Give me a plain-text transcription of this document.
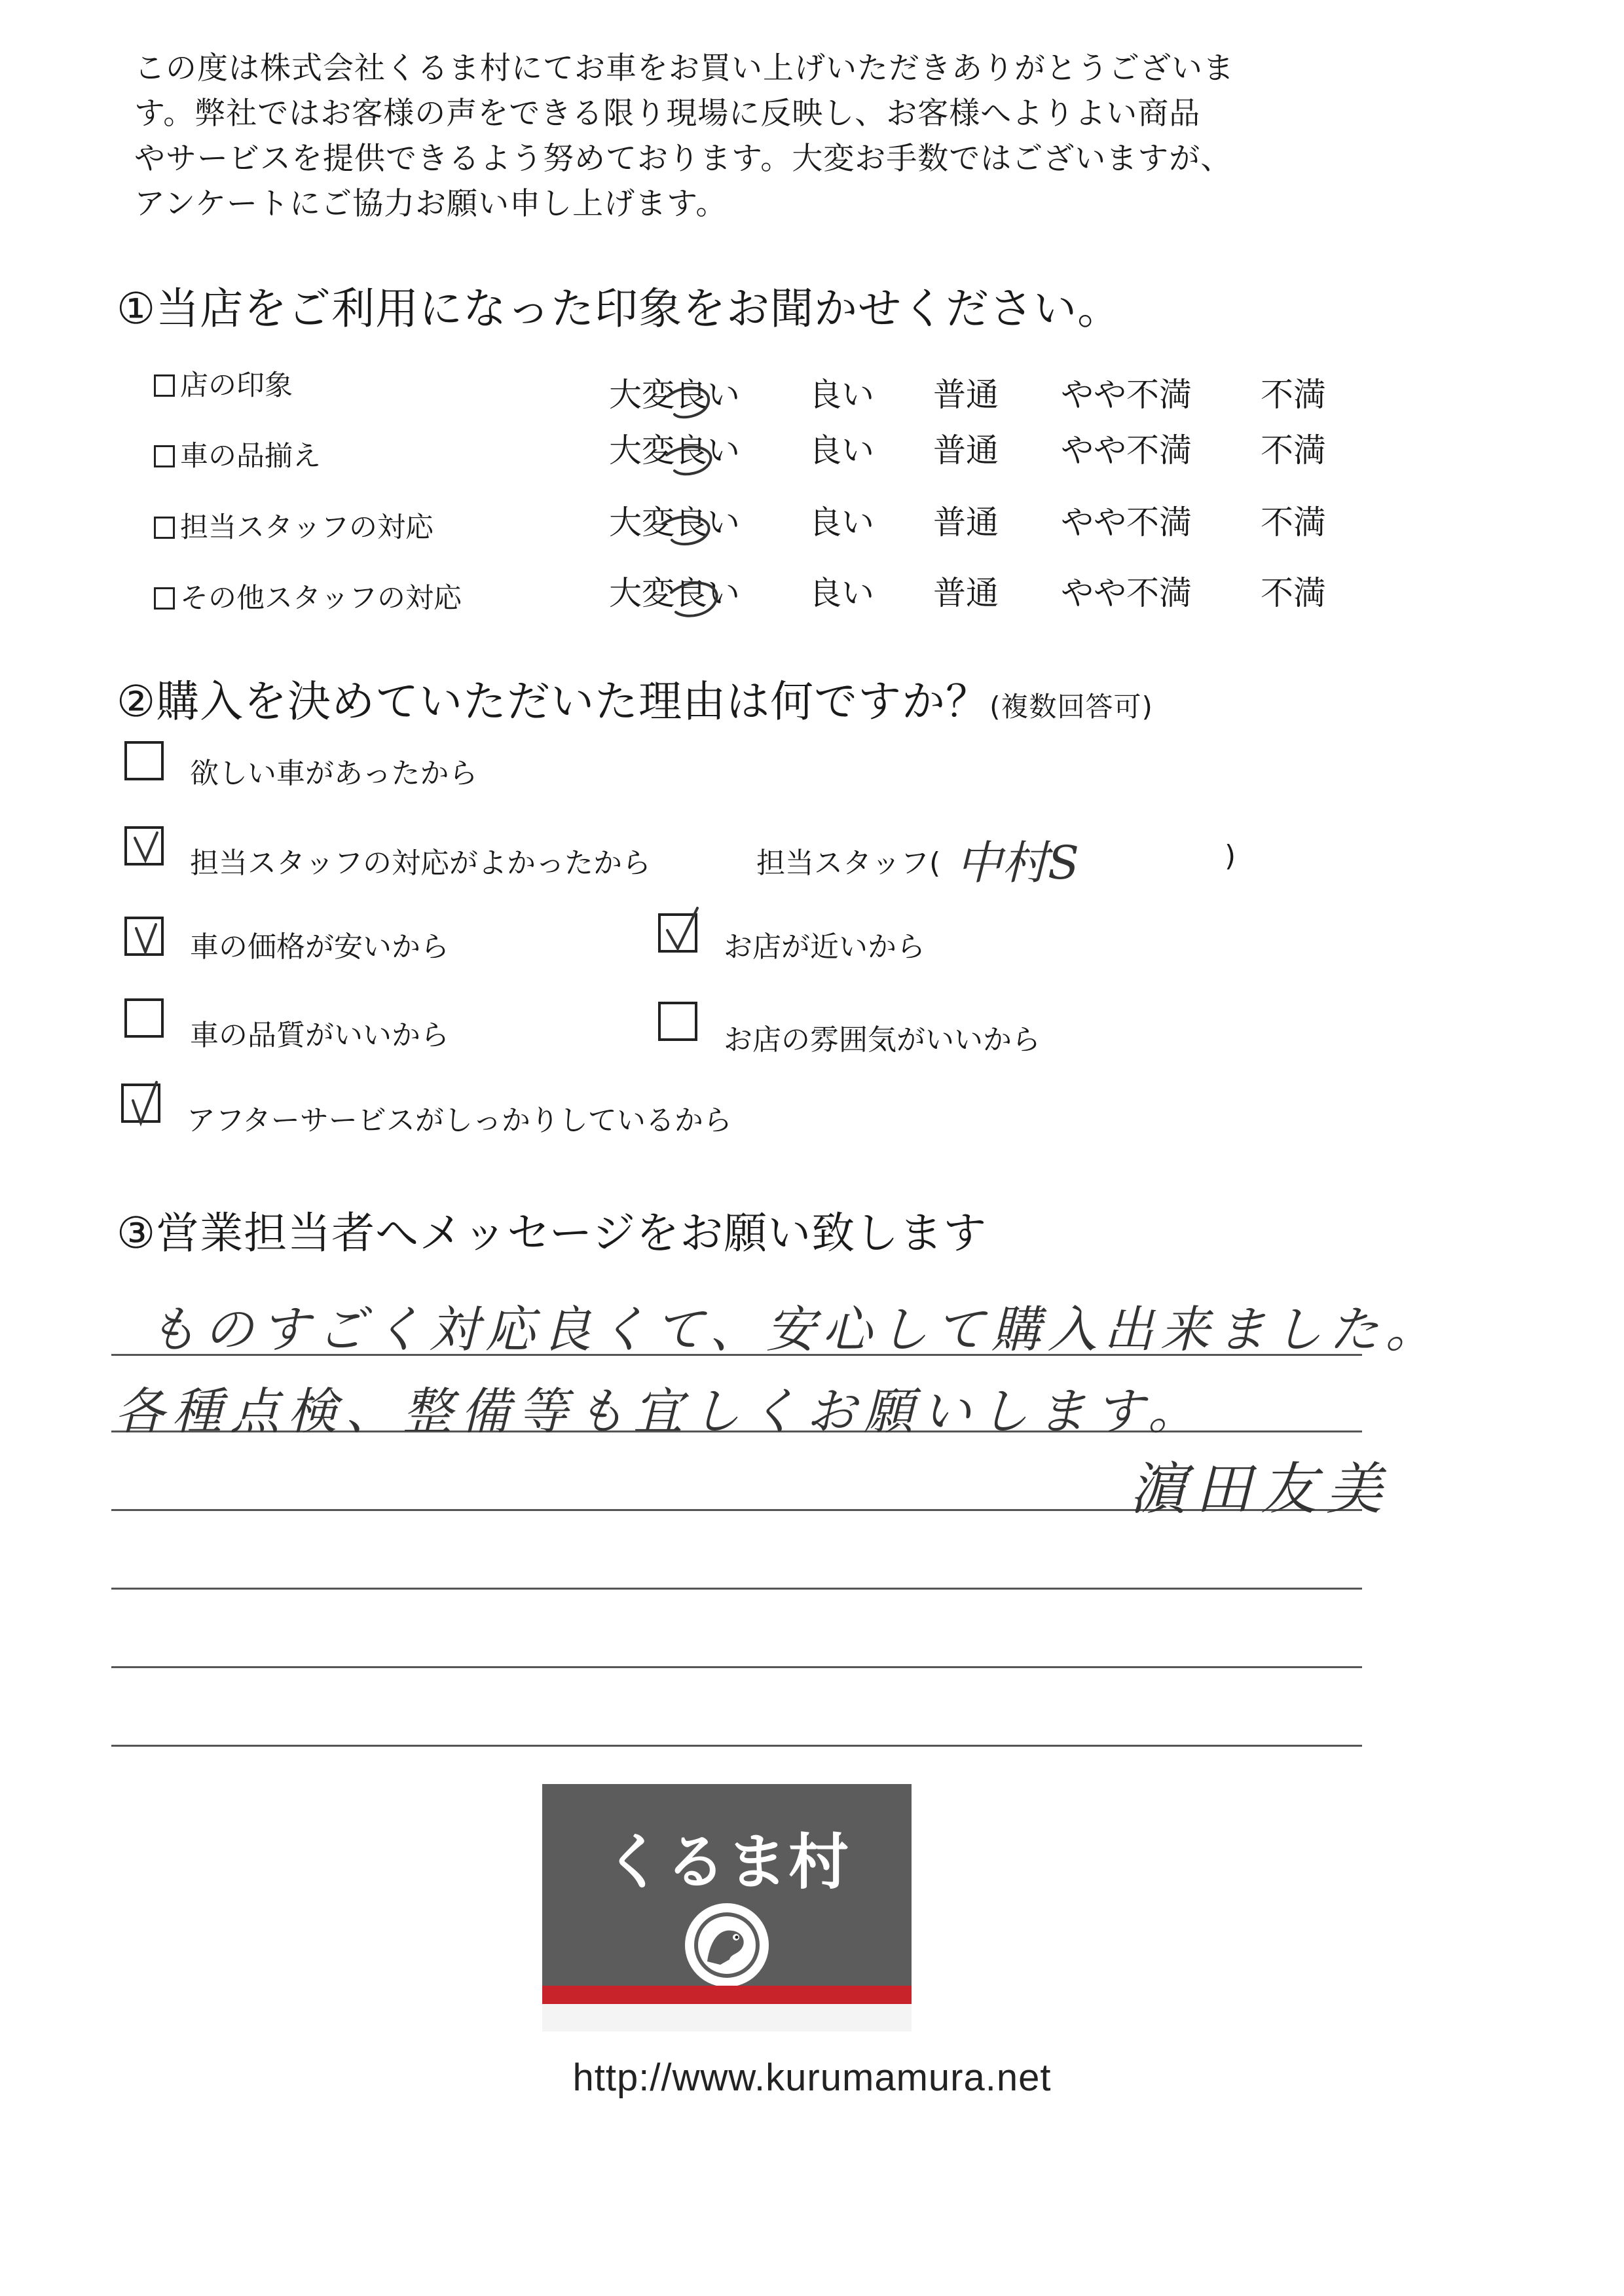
この度は株式会社くるま村にてお車をお買い上げいただきありがとうございま
す。弊社ではお客様の声をできる限り現場に反映し、お客様へよりよい商品
やサービスを提供できるよう努めております。大変お手数ではございますが、
アンケートにご協力お願い申し上げます。
①当店をご利用になった印象をお聞かせください。
店の印象	大変良い 良い 普通 やや不満 不満
車の品揃え	大変良い 良い 普通 やや不満 不満
担当スタッフの対応	大変良い 良い 普通 やや不満 不満
その他スタッフの対応	大変良い 良い 普通 やや不満 不満
②購入を決めていただいた理由は何ですか？(複数回答可)
欲しい車があったから
担当スタッフの対応がよかったから	担当スタッフ( 中村S	)
車の価格が安いから	お店が近いから
車の品質がいいから	お店の雰囲気がいいから
アフターサービスがしっかりしているから
③営業担当者へメッセージをお願い致します
ものすごく対応良くて、安心して購入出来ました。
各種点検、整備等も宜しくお願いします。
濵田友美
くるま村
http://www.kurumamura.net
